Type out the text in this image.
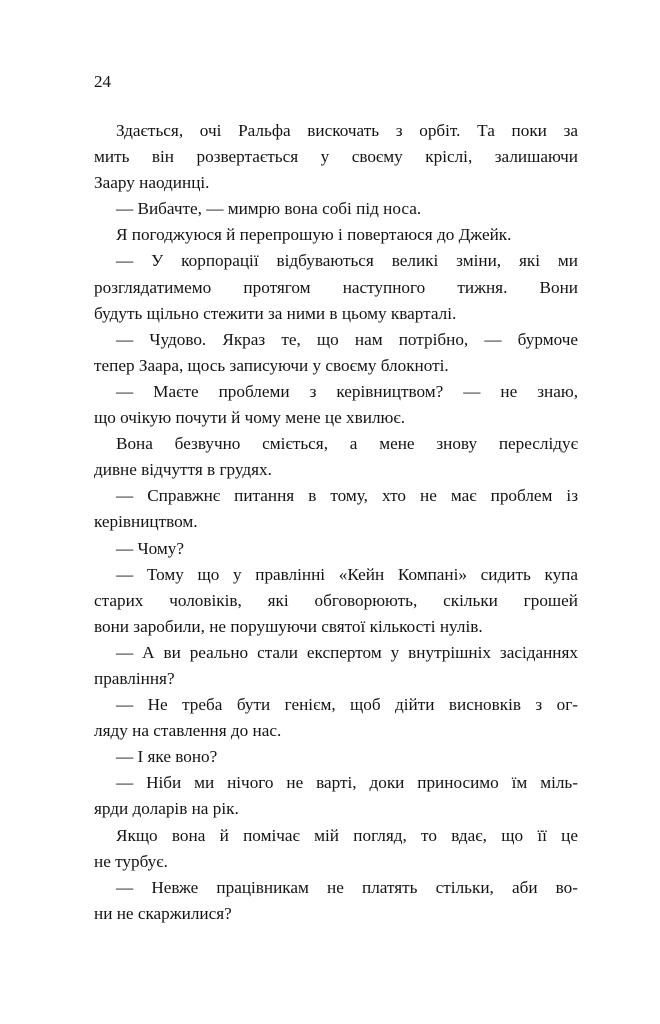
24
Здається, очі Ральфа вискочать з орбіт. Та поки за
мить він розвертається у своєму кріслі, залишаючи
Заару наодинці.
— Вибачте, — мимрю вона собі під носа.
Я погоджуюся й перепрошую і повертаюся до Джейк.
— У корпорації відбуваються великі зміни, які ми
розглядатимемо протягом наступного тижня. Вони
будуть щільно стежити за ними в цьому кварталі.
— Чудово. Якраз те, що нам потрібно, — бурмоче
тепер Заара, щось записуючи у своєму блокноті.
— Маєте проблеми з керівництвом? — не знаю,
що очікую почути й чому мене це хвилює.
Вона безвучно сміється, а мене знову переслідує
дивне відчуття в грудях.
— Справжнє питання в тому, хто не має проблем із
керівництвом.
— Чому?
— Тому що у правлінні «Кейн Компані» сидить купа
старих чоловіків, які обговорюють, скільки грошей
вони заробили, не порушуючи святої кількості нулів.
— А ви реально стали експертом у внутрішніх засіданнях
правління?
— Не треба бути генієм, щоб дійти висновків з ог-
ляду на ставлення до нас.
— І яке воно?
— Ніби ми нічого не варті, доки приносимо їм міль-
ярди доларів на рік.
Якщо вона й помічає мій погляд, то вдає, що її це
не турбує.
— Невже працівникам не платять стільки, аби во-
ни не скаржилися?
